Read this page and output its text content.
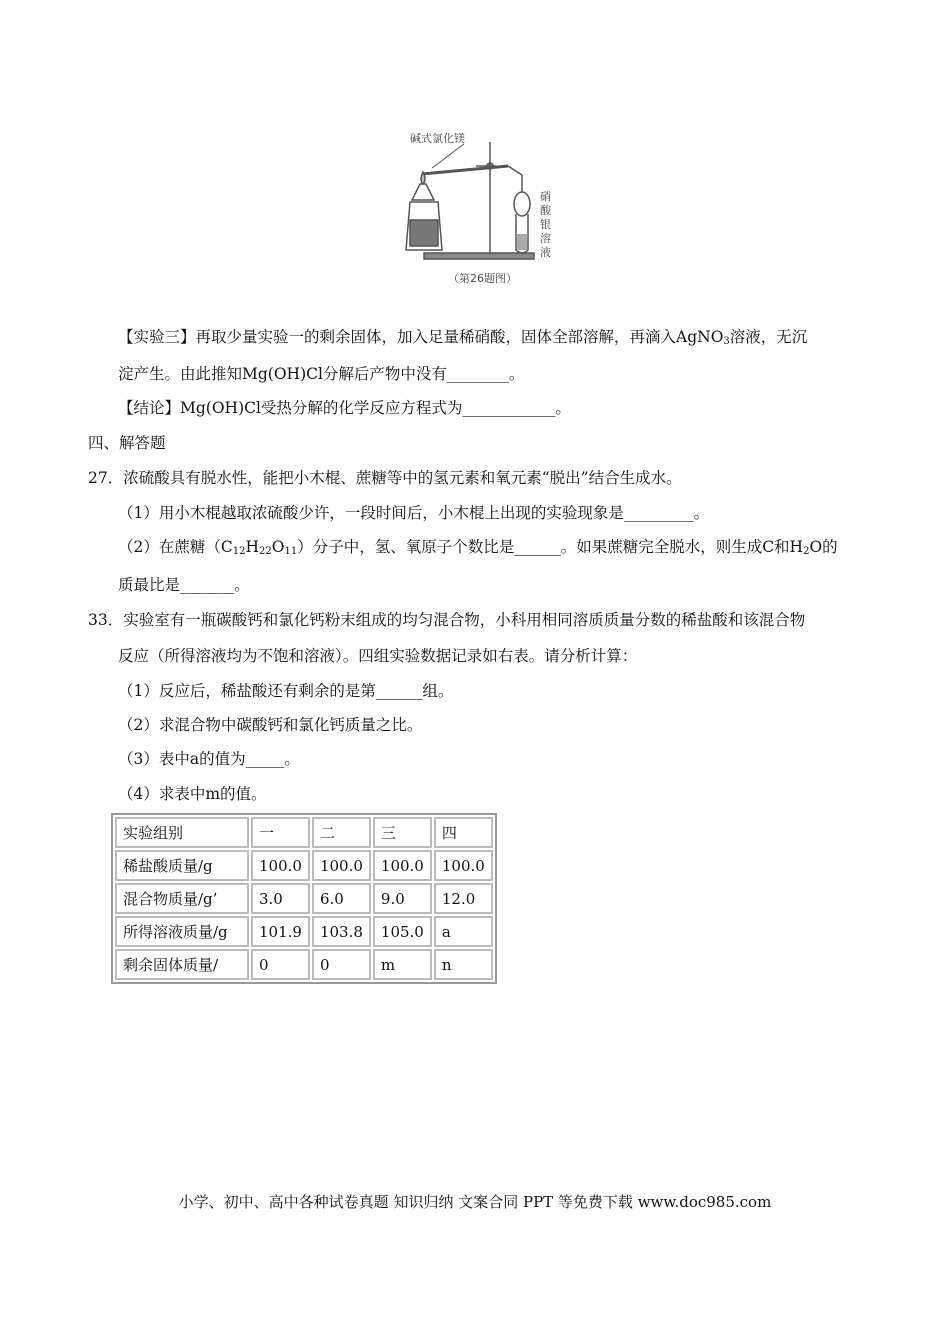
碱式氯化镁
硝
酸
银
溶
液
（第26题图）
【实验三】再取少量实验一的剩余固体，加入足量稀硝酸，固体全部溶解，再滴入AgNO$_3$溶液，无沉
淀产生。由此推知Mg(OH)Cl分解后产物中没有________。
【结论】Mg(OH)Cl受热分解的化学反应方程式为____________。
四、解答题
27．浓硫酸具有脱水性，能把小木棍、蔗糖等中的氢元素和氧元素“脱出”结合生成水。
（1）用小木棍越取浓硫酸少许，一段时间后，小木棍上出现的实验现象是_________。
（2）在蔗糖$(C_{12}H_{22}O_{11})$分子中，氢、氧原子个数比是______。如果蔗糖完全脱水，则生成C和$H_2O$的
质最比是_______。
33．实验室有一瓶碳酸钙和氯化钙粉末组成的均匀混合物，小科用相同溶质质量分数的稀盐酸和该混合物
反应（所得溶液均为不饱和溶液）。四组实验数据记录如右表。请分析计算：
（1）反应后，稀盐酸还有剩余的是第______组。
（2）求混合物中碳酸钙和氯化钙质量之比。
（3）表中a的值为_____。
（4）求表中m的值。
实验组别	一	二	三	四
稀盐酸质量/g	100.0	100.0	100.0	100.0
混合物质量/g’	3.0	6.0	9.0	12.0
所得溶液质量/g	101.9	103.8	105.0	a
剩余固体质量/	0	0	m	n
小学、初中、高中各种试卷真题 知识归纳 文案合同 PPT 等免费下载 www.doc985.com
